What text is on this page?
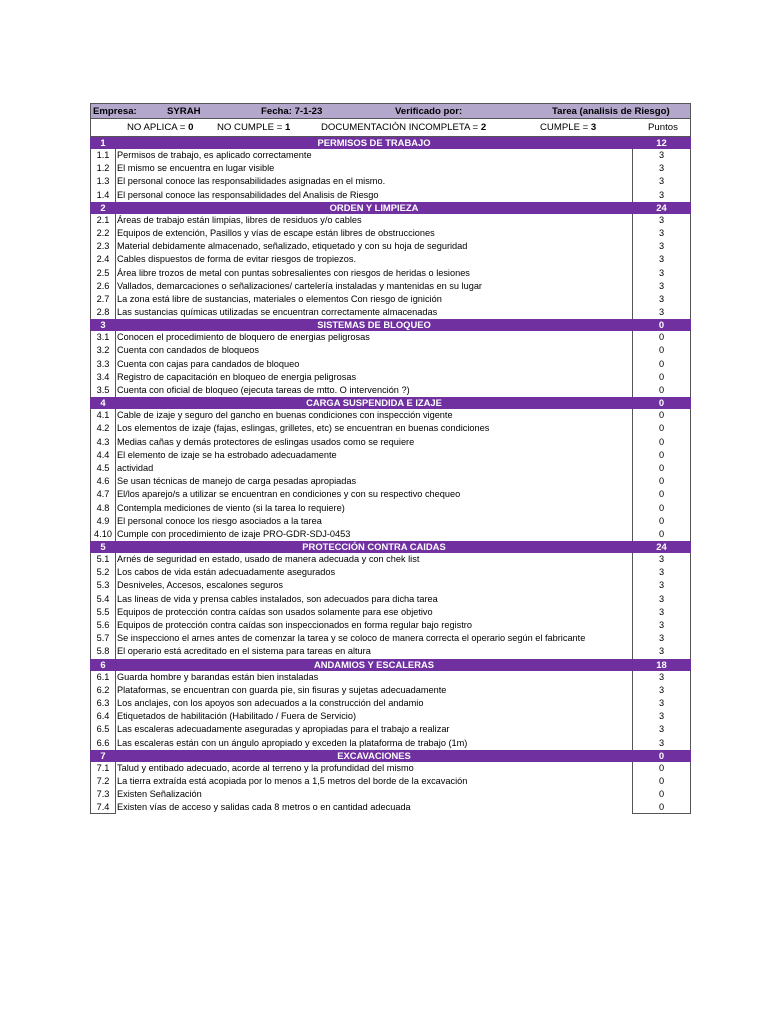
Empresa:	SYRAH	Fecha: 7-1-23	Verificado por:	Tarea (analisis de Riesgo)
NO APLICA = 0 NO CUMPLE = 1	DOCUMENTACIÒN INCOMPLETA = 2	CUMPLE = 3	Puntos
1	PERMISOS DE TRABAJO	12
1.1 Permisos de trabajo, es aplicado correctamente	3
1.2 El mismo se encuentra en lugar visible	3
1.3 El personal conoce las responsabilidades asignadas en el mismo.	3
1.4 El personal conoce las responsabilidades del Analisis de Riesgo	3
2	ORDEN Y LIMPIEZA	24
2.1 Áreas de trabajo están limpias, libres de residuos y/o cables	3
2.2 Equipos de extención, Pasillos y vías de escape están libres de obstrucciones	3
2.3 Material debidamente almacenado, señalizado, etiquetado y con su hoja de seguridad	3
2.4 Cables dispuestos de forma de evitar riesgos de tropiezos.	3
2.5 Área libre trozos de metal con puntas sobresalientes con riesgos de heridas o lesiones	3
2.6 Vallados, demarcaciones o señalizaciones/ cartelería instaladas y mantenidas en su lugar	3
2.7 La zona está libre de sustancias, materiales o elementos Con riesgo de ignición	3
2.8 Las sustancias químicas utilizadas se encuentran correctamente almacenadas	3
3	SISTEMAS DE BLOQUEO	0
3.1 Conocen el procedimiento de bloquero de energias peligrosas	0
3.2 Cuenta con candados de bloqueos	0
3.3 Cuenta con cajas para candados de bloqueo	0
3.4 Registro de capacitación en bloqueo de energia peligrosas	0
3.5 Cuenta con oficial de bloqueo (ejecuta tareas de mtto. O intervención ?)	0
4	CARGA SUSPENDIDA E IZAJE	0
4.1 Cable de izaje y seguro del gancho en buenas condiciones con inspección vigente	0
4.2 Los elementos de izaje (fajas, eslingas, grilletes, etc) se encuentran en buenas condiciones	0
4.3 Medias cañas y demás protectores de eslingas usados como se requiere	0
4.4 El elemento de izaje se ha estrobado adecuadamente	0
4.5 actividad	0
4.6 Se usan técnicas de manejo de carga pesadas apropiadas	0
4.7 El/los aparejo/s a utilizar se encuentran en condiciones y con su respectivo chequeo	0
4.8 Contempla mediciones de viento (si la tarea lo requiere)	0
4.9 El personal conoce los riesgo asociados a la tarea	0
4.10 Cumple con procedimiento de izaje PRO-GDR-SDJ-0453	0
5	PROTECCIÓN CONTRA CAIDAS	24
5.1 Arnés de seguridad en estado, usado de manera adecuada y con chek list	3
5.2 Los cabos de vida están adecuadamente asegurados	3
5.3 Desniveles, Accesos, escalones seguros	3
5.4 Las lineas de vida y prensa cables instalados, son adecuados para dicha tarea	3
5.5 Equipos de protección contra caídas son usados solamente para ese objetivo	3
5.6 Equipos de protección contra caídas son inspeccionados en forma regular bajo registro	3
5.7 Se inspecciono el arnes antes de comenzar la tarea y se coloco de manera correcta el operario según el fabricante	3
5.8 El operario está acreditado en el sistema para tareas en altura	3
6	ANDAMIOS Y ESCALERAS	18
6.1 Guarda hombre y barandas están bien instaladas	3
6.2 Plataformas, se encuentran con guarda pie, sin fisuras y sujetas adecuadamente	3
6.3 Los anclajes, con los apoyos son adecuados a la construcción del andamio	3
6.4 Etiquetados de habilitación (Habilitado / Fuera de Servicio)	3
6.5 Las escaleras adecuadamente aseguradas y apropiadas para el trabajo a realizar	3
6.6 Las escaleras están con un ángulo apropiado y exceden la plataforma de trabajo (1m)	3
7	EXCAVACIONES	0
7.1 Talud y entibado adecuado, acorde al terreno y la profundidad del mismo	0
7.2 La tierra extraída está acopiada por lo menos a 1,5 metros del borde de la excavación	0
7.3 Existen Señalización	0
7.4 Existen vías de acceso y salidas cada 8 metros o en cantidad adecuada	0
